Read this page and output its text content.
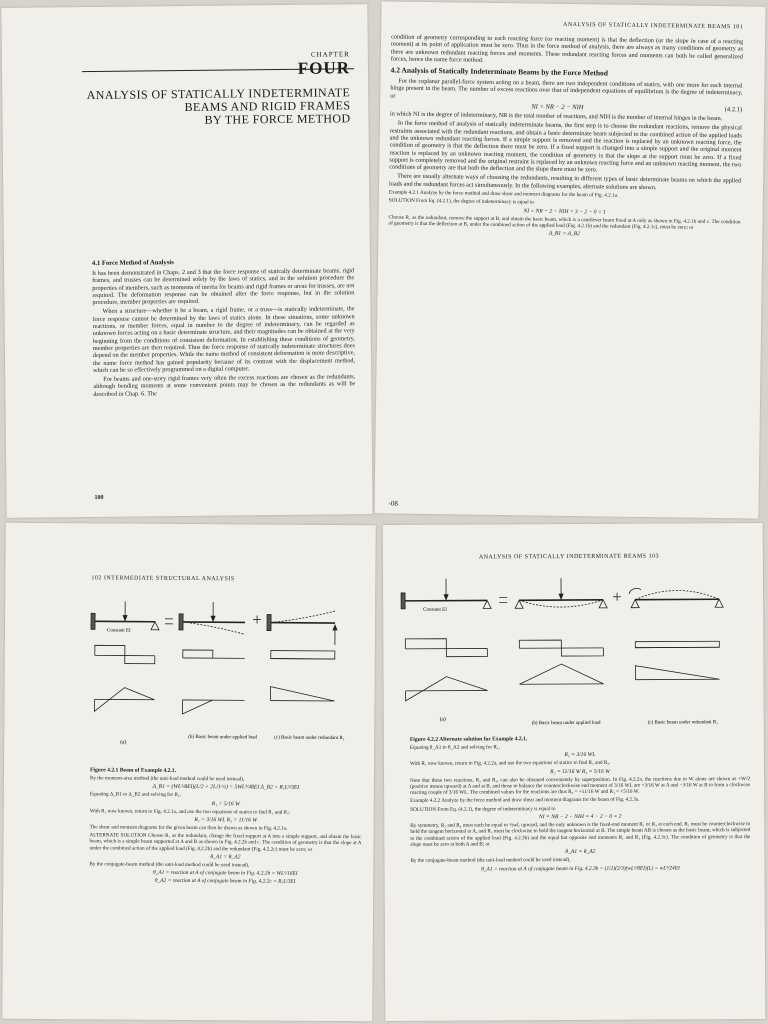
CHAPTER
FOUR
ANALYSIS OF STATICALLY INDETERMINATE
BEAMS AND RIGID FRAMES
BY THE FORCE METHOD
4.1 Force Method of Analysis

It has been demonstrated in Chaps. 2 and 3 that the force response of statically determinate beams, rigid frames, and trusses can be determined solely by the laws of statics, and in the solution procedure the properties of members, such as moments of inertia for beams and rigid frames or areas for trusses, are not required. The deformation response can be obtained after the force response, but in the solution procedure, member properties are required.

When a structure—whether it be a beam, a rigid frame, or a truss—is statically indeterminate, the force response cannot be determined by the laws of statics alone. In these situations, some unknown reactions, or member forces, equal in number to the degree of indeterminacy, can be regarded as unknown forces acting on a basic determinate structure, and their magnitudes can be obtained at the very beginning from the conditions of consistent deformation. In establishing these conditions of geometry, member properties are then required. Thus the force response of statically indeterminate structures does depend on the member properties. While the name method of consistent deformation is more descriptive, the name force method has gained popularity because of its contrast with the displacement method, which can be so effectively programmed on a digital computer.

For beams and one-story rigid frames very often the excess reactions are chosen as the redundants, although bending moments at some convenient points may be chosen as the redundants as will be described in Chap. 6. The

100
ANALYSIS OF STATICALLY INDETERMINATE BEAMS 101

condition of geometry corresponding to each reacting force (or reacting moment) is that the deflection (or the slope in case of a reacting moment) at its point of application must be zero. Thus in the force method of analysis, there are always as many conditions of geometry as there are unknown redundant reacting forces and moments. These redundant reacting forces and moments can both be called generalized forces, hence the name force method.

4.2 Analysis of Statically Indeterminate Beams by the Force Method

For the coplanar parallel-force system acting on a beam, there are two independent conditions of statics, with one more for each internal hinge present in the beam. The number of excess reactions over that of independent equations of equilibrium is the degree of indeterminacy, or

NI = NR − 2 − NIH	(4.2.1)

in which NI is the degree of indeterminacy, NR is the total number of reactions, and NIH is the number of internal hinges in the beam.

In the force method of analysis of statically indeterminate beams, the first step is to choose the redundant reactions, remove the physical restraints associated with the redundant reactions, and obtain a basic determinate beam subjected to the combined action of the applied loads and the unknown redundant reacting forces. If a simple support is removed and the reaction is replaced by an unknown reacting force, the condition of geometry is that the deflection there must be zero. If a fixed support is changed into a simple support and the original moment reaction is replaced by an unknown reacting moment, the condition of geometry is that the slope at the support must be zero. If a fixed support is completely removed and the original restraint is replaced by an unknown reacting force and an unknown reacting moment, the two conditions of geometry are that both the deflection and the slope there must be zero.

There are usually alternate ways of choosing the redundants, resulting in different types of basic determinate beams on which the applied loads and the redundant forces act simultaneously. In the following examples, alternate solutions are shown.

Example 4.2.1 Analyze by the force method and draw shear and moment diagrams for the beam of Fig. 4.2.1a.

SOLUTION From Eq. (4.2.1), the degree of indeterminacy is equal to

NI = NR − 2 − NIH = 3 − 2 − 0 = 1

Choose R₁ as the redundant, remove the support at B, and obtain the basic beam, which is a cantilever beam fixed at A only as shown in Fig. 4.2.1b and c. The condition of geometry is that the deflection at B, under the combined action of the applied load (Fig. 4.2.1b) and the redundant (Fig. 4.2.1c), must be zero; or

Δ_B1 = Δ_B2
-08
102 INTERMEDIATE STRUCTURAL ANALYSIS
Constant EI
(a)
(b) Basic beam under applied load	(c) Basic beam under redundant R₁
Figure 4.2.1 Beam of Example 4.2.1.

By the moment-area method (the unit-load method could be used instead),

Δ_B1 = (WL²/8EI)(L/2 + 2L/3·½) = 5WL³/48EI Δ_B2 = R₁L³/3EI

Equating Δ_B1 to Δ_B2 and solving for R₁,

R₁ = 5/16 W

With R₁ now known, return to Fig. 4.2.1a, and use the two equations of statics to find R₁ and R₂:

R₁ = 3/16 WL R₂ = 11/16 W

The shear and moment diagrams for the given beam can then be drawn as shown in Fig. 4.2.1a.

ALTERNATE SOLUTION Choose R₁ as the redundant, change the fixed support at A into a simple support, and obtain the basic beam, which is a simple beam supported at A and B as shown in Fig. 4.2.2b and c. The condition of geometry is that the slope at A under the combined action of the applied load (Fig. 4.2.2b) and the redundant (Fig. 4.2.2c) must be zero; or

θ_A1 = θ_A2

By the conjugate-beam method (the unit-load method could be used instead),

θ_A1 = reaction at A of conjugate beam in Fig. 4.2.2b = WL²/16EI
θ_A2 = reaction at A of conjugate beam in Fig. 4.2.2c = R₁L/3EI
ANALYSIS OF STATICALLY INDETERMINATE BEAMS 103
Constant EI
(a)
(b) Basic beam under applied load	(c) Basic beam under redundant R₁
Figure 4.2.2 Alternate solution for Example 4.2.1.

Equating θ_A1 to θ_A2 and solving for R₁,

R₁ = 3/16 WL

With R₁ now known, return to Fig. 4.2.2a, and use the two equations of statics to find R₂ and R₃.

R₂ = 11/16 W R₃ = 5/16 W

Note that these two reactions, R₂ and R₃, can also be obtained conveniently by superposition. In Fig. 4.2.2a, the reactions due to W alone are shown as +W/2 (positive means upward) at A and at B, and those to balance the counterclockwise end moment of 3/16 WL are +3/16 W at A and −3/16 W at B to form a clockwise reacting couple of 3/16 WL. The combined values for the reactions are thus R₂ = +11/16 W and R₃ = +5/16 W.

Example 4.2.2 Analyze by the force method and draw shear and moment diagrams for the beam of Fig. 4.2.3a.

SOLUTION From Eq. (4.2.1), the degree of indeterminacy is equal to

NI = NR − 2 − NIH = 4 − 2 − 0 = 2

By symmetry, R₂ and R₄ must each be equal to ½wL upward, and the only unknown is the fixed-end moment R₁ or R₃ at each end. R₁ must be counterclockwise to hold the tangent horizontal at A, and R₃ must be clockwise to hold the tangent horizontal at B. The simple beam AB is chosen as the basic beam, which is subjected to the combined action of the applied load (Fig. 4.2.3b) and the equal but opposite end moments R₁ and R₃ (Fig. 4.2.3c). The condition of geometry is that the slope must be zero at both A and B; or

θ_A1 = θ_A2

By the conjugate-beam method (the unit-load method could be used instead),

θ_A1 = reaction at A of conjugate beam in Fig. 4.2.3b = (1/2)(2/3)(wL²/8EI)(L) = wL³/24EI
